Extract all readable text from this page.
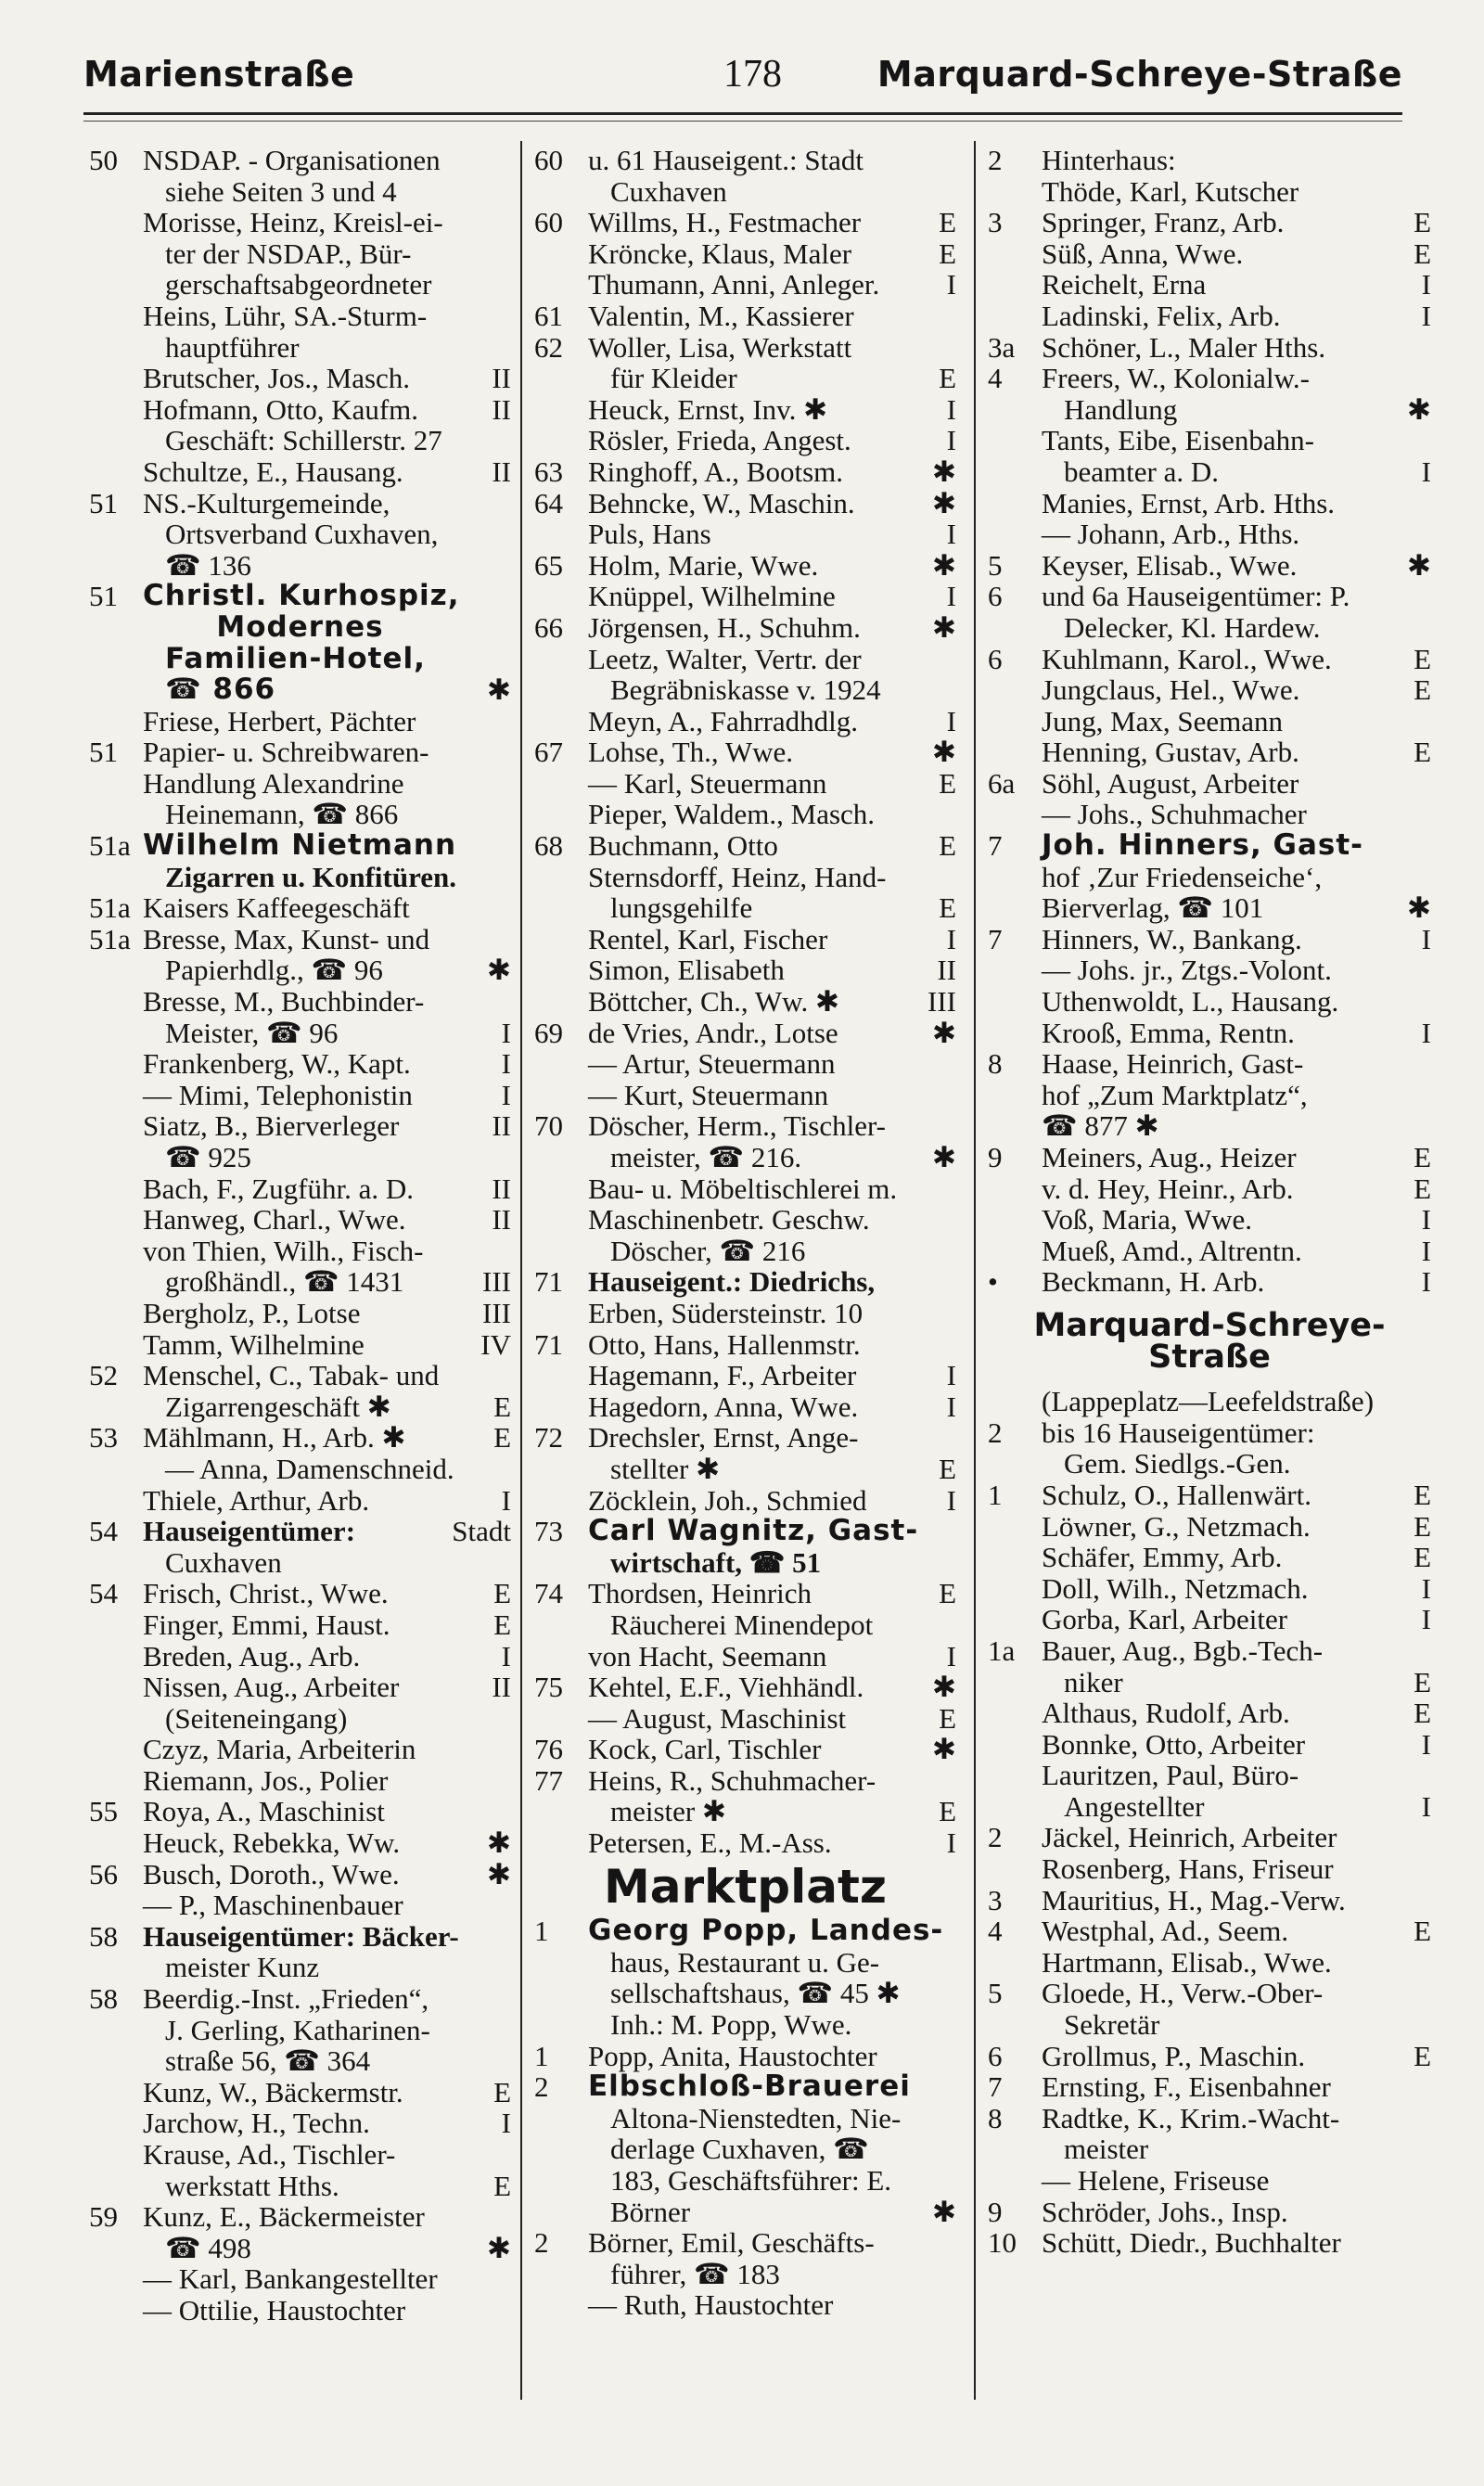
Marienstraße	178	Marquard-Schreye-Straße
50 NSDAP. - Organisationen
siehe Seiten 3 und 4
Morisse, Heinz, Kreisl‑ei-
ter der NSDAP., Bür-
gerschaftsabgeordneter
Heins, Lühr, SA.-Sturm-
hauptführer
Brutscher, Jos., Masch.	II
Hofmann, Otto, Kaufm.	II
Geschäft: Schillerstr. 27
Schultze, E., Hausang.	II
51 NS.-Kulturgemeinde,
Ortsverband Cuxhaven,
☎ 136
51 Christl. Kurhospiz,
Modernes
Familien-Hotel,
☎ 866	✱
Friese, Herbert, Pächter
51 Papier- u. Schreibwaren-
Handlung Alexandrine
Heinemann, ☎ 866
51a Wilhelm Nietmann
Zigarren u. Konfitüren.
51a Kaisers Kaffeegeschäft
51a Bresse, Max, Kunst- und
Papierhdlg., ☎ 96	✱
Bresse, M., Buchbinder-
Meister, ☎ 96	I
Frankenberg, W., Kapt.	I
— Mimi, Telephonistin	I
Siatz, B., Bierverleger	II
☎ 925
Bach, F., Zugführ. a. D.	II
Hanweg, Charl., Wwe.	II
von Thien, Wilh., Fisch-
großhändl., ☎ 1431	III
Bergholz, P., Lotse	III
Tamm, Wilhelmine	IV
52 Menschel, C., Tabak- und
Zigarrengeschäft ✱	E
53 Mählmann, H., Arb. ✱	E
— Anna, Damenschneid.
Thiele, Arthur, Arb.	I
54 Hauseigentümer:	Stadt
Cuxhaven
54 Frisch, Christ., Wwe.	E
Finger, Emmi, Haust.	E
Breden, Aug., Arb.	I
Nissen, Aug., Arbeiter	II
(Seiteneingang)
Czyz, Maria, Arbeiterin
Riemann, Jos., Polier
55 Roya, A., Maschinist
Heuck, Rebekka, Ww.	✱
56 Busch, Doroth., Wwe.	✱
— P., Maschinenbauer
58 Hauseigentümer: Bäcker-
meister Kunz
58 Beerdig.-Inst. „Frieden“,
J. Gerling, Katharinen-
straße 56, ☎ 364
Kunz, W., Bäckermstr.	E
Jarchow, H., Techn.	I
Krause, Ad., Tischler-
werkstatt Hths.	E
59 Kunz, E., Bäckermeister
☎ 498	✱
— Karl, Bankangestellter
— Ottilie, Haustochter
60 u. 61 Hauseigent.: Stadt
Cuxhaven
60 Willms, H., Festmacher	E
Kröncke, Klaus, Maler	E
Thumann, Anni, Anleger. I
61 Valentin, M., Kassierer
62 Woller, Lisa, Werkstatt
für Kleider	E
Heuck, Ernst, Inv. ✱	I
Rösler, Frieda, Angest.	I
63 Ringhoff, A., Bootsm.	✱
64 Behncke, W., Maschin.	✱
Puls, Hans	I
65 Holm, Marie, Wwe.	✱
Knüppel, Wilhelmine	I
66 Jörgensen, H., Schuhm. ✱
Leetz, Walter, Vertr. der
Begräbniskasse v. 1924
Meyn, A., Fahrradhdlg.	I
67 Lohse, Th., Wwe.	✱
— Karl, Steuermann	E
Pieper, Waldem., Masch.
68 Buchmann, Otto	E
Sternsdorff, Heinz, Hand-
lungsgehilfe	E
Rentel, Karl, Fischer	I
Simon, Elisabeth	II
Böttcher, Ch., Ww. ✱	III
69 de Vries, Andr., Lotse	✱
— Artur, Steuermann
— Kurt, Steuermann
70 Döscher, Herm., Tischler-
meister, ☎ 216.	✱
Bau- u. Möbeltischlerei m.
Maschinenbetr. Geschw.
Döscher, ☎ 216
71 Hauseigent.: Diedrichs,
Erben, Südersteinstr. 10
71 Otto, Hans, Hallenmstr.
Hagemann, F., Arbeiter	I
Hagedorn, Anna, Wwe.	I
72 Drechsler, Ernst, Ange-
stellter ✱	E
Zöcklein, Joh., Schmied	I
73 Carl Wagnitz, Gast-
wirtschaft, ☎ 51
74 Thordsen, Heinrich	E
Räucherei Minendepot
von Hacht, Seemann	I
75 Kehtel, E.F., Viehhändl. ✱
— August, Maschinist	E
76 Kock, Carl, Tischler	✱
77 Heins, R., Schuhmacher-
meister ✱	E
Petersen, E., M.-Ass.	I
Marktplatz
1 Georg Popp, Landes-
haus, Restaurant u. Ge-
sellschaftshaus, ☎ 45 ✱
Inh.: M. Popp, Wwe.
1 Popp, Anita, Haustochter
2 Elbschloß-Brauerei
Altona-Nienstedten, Nie-
derlage Cuxhaven, ☎
183, Geschäftsführer: E.
Börner	✱
2 Börner, Emil, Geschäfts-
führer, ☎ 183
— Ruth, Haustochter
2 Hinterhaus:
Thöde, Karl, Kutscher
3 Springer, Franz, Arb.	E
Süß, Anna, Wwe.	E
Reichelt, Erna	I
Ladinski, Felix, Arb.	I
3a Schöner, L., Maler Hths.
4 Freers, W., Kolonialw.-
Handlung	✱
Tants, Eibe, Eisenbahn-
beamter a. D.	I
Manies, Ernst, Arb. Hths.
— Johann, Arb., Hths.
5 Keyser, Elisab., Wwe.	✱
6 und 6a Hauseigentümer: P.
Delecker, Kl. Hardew.
6 Kuhlmann, Karol., Wwe.	E
Jungclaus, Hel., Wwe.	E
Jung, Max, Seemann
Henning, Gustav, Arb.	E
6a Söhl, August, Arbeiter
— Johs., Schuhmacher
7 Joh. Hinners, Gast-
hof ‚Zur Friedenseiche‘,
Bierverlag, ☎ 101	✱
7 Hinners, W., Bankang.	I
— Johs. jr., Ztgs.-Volont.
Uthenwoldt, L., Hausang.
Krooß, Emma, Rentn.	I
8 Haase, Heinrich, Gast-
hof „Zum Marktplatz“,
☎ 877 ✱
9 Meiners, Aug., Heizer	E
v. d. Hey, Heinr., Arb.	E
Voß, Maria, Wwe.	I
Mueß, Amd., Altrentn.	I
• Beckmann, H. Arb.	I
Marquard-Schreye-
Straße
(Lappeplatz—Leefeldstraße)
2 bis 16 Hauseigentümer:
Gem. Siedlgs.-Gen.
1 Schulz, O., Hallenwärt.	E
Löwner, G., Netzmach.	E
Schäfer, Emmy, Arb.	E
Doll, Wilh., Netzmach.	I
Gorba, Karl, Arbeiter	I
1a Bauer, Aug., Bgb.-Tech-
niker	E
Althaus, Rudolf, Arb.	E
Bonnke, Otto, Arbeiter	I
Lauritzen, Paul, Büro-
Angestellter	I
2 Jäckel, Heinrich, Arbeiter
Rosenberg, Hans, Friseur
3 Mauritius, H., Mag.-Verw.
4 Westphal, Ad., Seem.	E
Hartmann, Elisab., Wwe.
5 Gloede, H., Verw.-Ober-
Sekretär
6 Grollmus, P., Maschin.	E
7 Ernsting, F., Eisenbahner
8 Radtke, K., Krim.-Wacht-
meister
— Helene, Friseuse
9 Schröder, Johs., Insp.
10 Schütt, Diedr., Buchhalter
